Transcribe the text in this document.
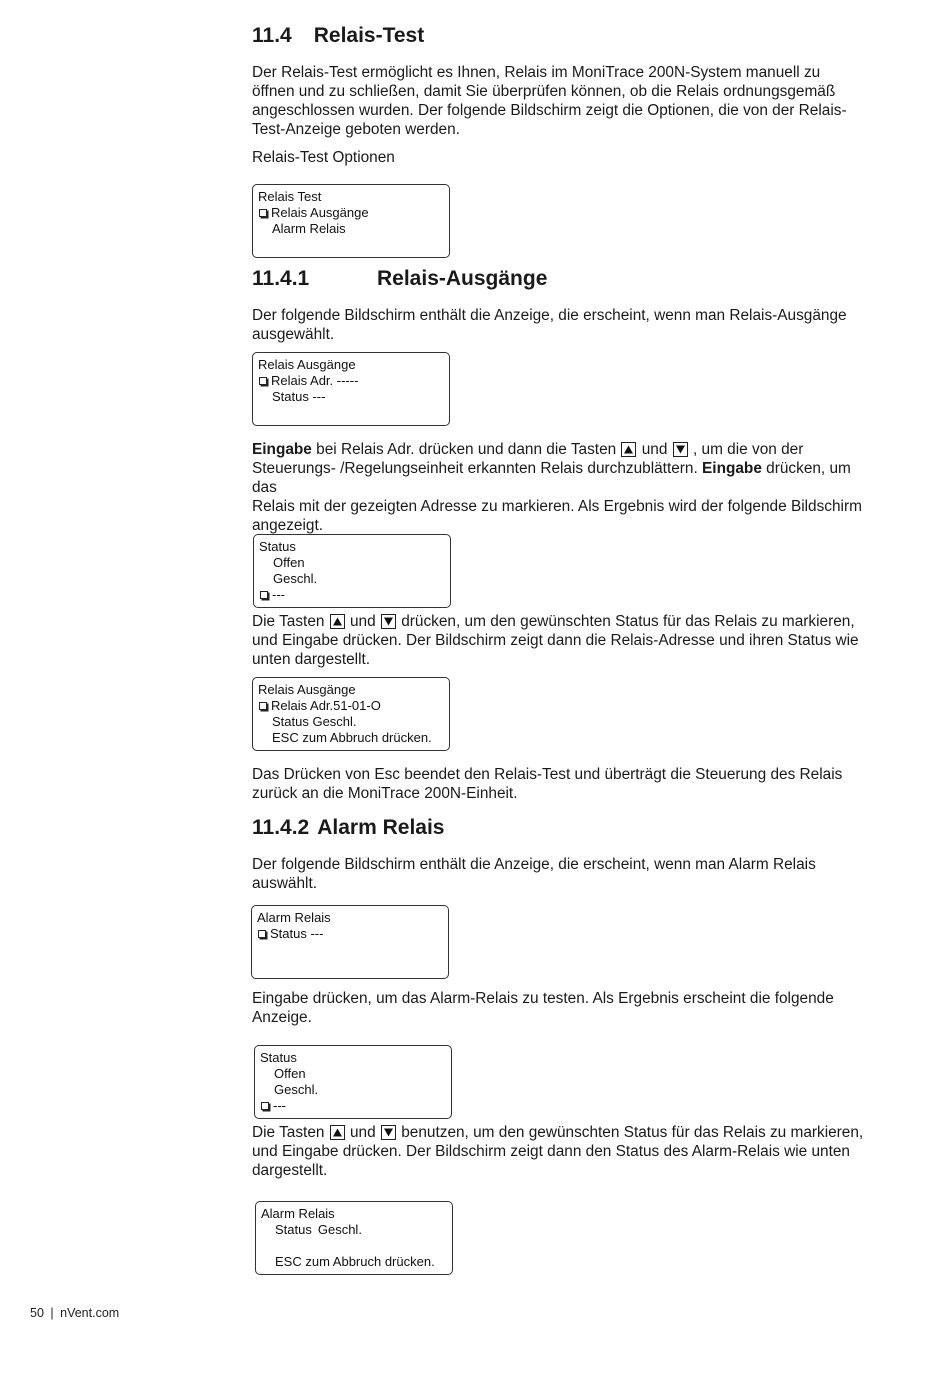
11.4 Relais-Test
Der Relais-Test ermöglicht es Ihnen, Relais im MoniTrace 200N-System manuell zu
öffnen und zu schließen, damit Sie überprüfen können, ob die Relais ordnungsgemäß
angeschlossen wurden. Der folgende Bildschirm zeigt die Optionen, die von der Relais-
Test-Anzeige geboten werden.
Relais-Test Optionen
Relais Test
Relais Ausgänge
Alarm Relais
11.4.1	Relais-Ausgänge
Der folgende Bildschirm enthält die Anzeige, die erscheint, wenn man Relais-Ausgänge
ausgewählt.
Relais Ausgänge
Relais Adr. -----
Status ---
Eingabe bei Relais Adr. drücken und dann die Tasten
und
, um die von der
Steuerungs- /Regelungseinheit erkannten Relais durchzublättern. Eingabe drücken, um das
Relais mit der gezeigten Adresse zu markieren. Als Ergebnis wird der folgende Bildschirm
angezeigt.
Status
Offen
Geschl.
---
Die Tasten
und
drücken, um den gewünschten Status für das Relais zu markieren,
und Eingabe drücken. Der Bildschirm zeigt dann die Relais-Adresse und ihren Status wie
unten dargestellt.
Relais Ausgänge
Relais Adr.51-01-O
Status Geschl.
ESC zum Abbruch drücken.
Das Drücken von Esc beendet den Relais-Test und überträgt die Steuerung des Relais
zurück an die MoniTrace 200N-Einheit.
11.4.2 Alarm Relais
Der folgende Bildschirm enthält die Anzeige, die erscheint, wenn man Alarm Relais
auswählt.
Alarm Relais
Status ---
Eingabe drücken, um das Alarm-Relais zu testen. Als Ergebnis erscheint die folgende
Anzeige.
Status
Offen
Geschl.
---
Die Tasten
und
benutzen, um den gewünschten Status für das Relais zu markieren,
und Eingabe drücken. Der Bildschirm zeigt dann den Status des Alarm-Relais wie unten
dargestellt.
Alarm Relais
Status Geschl.
ESC zum Abbruch drücken.
50 | nVent.com
